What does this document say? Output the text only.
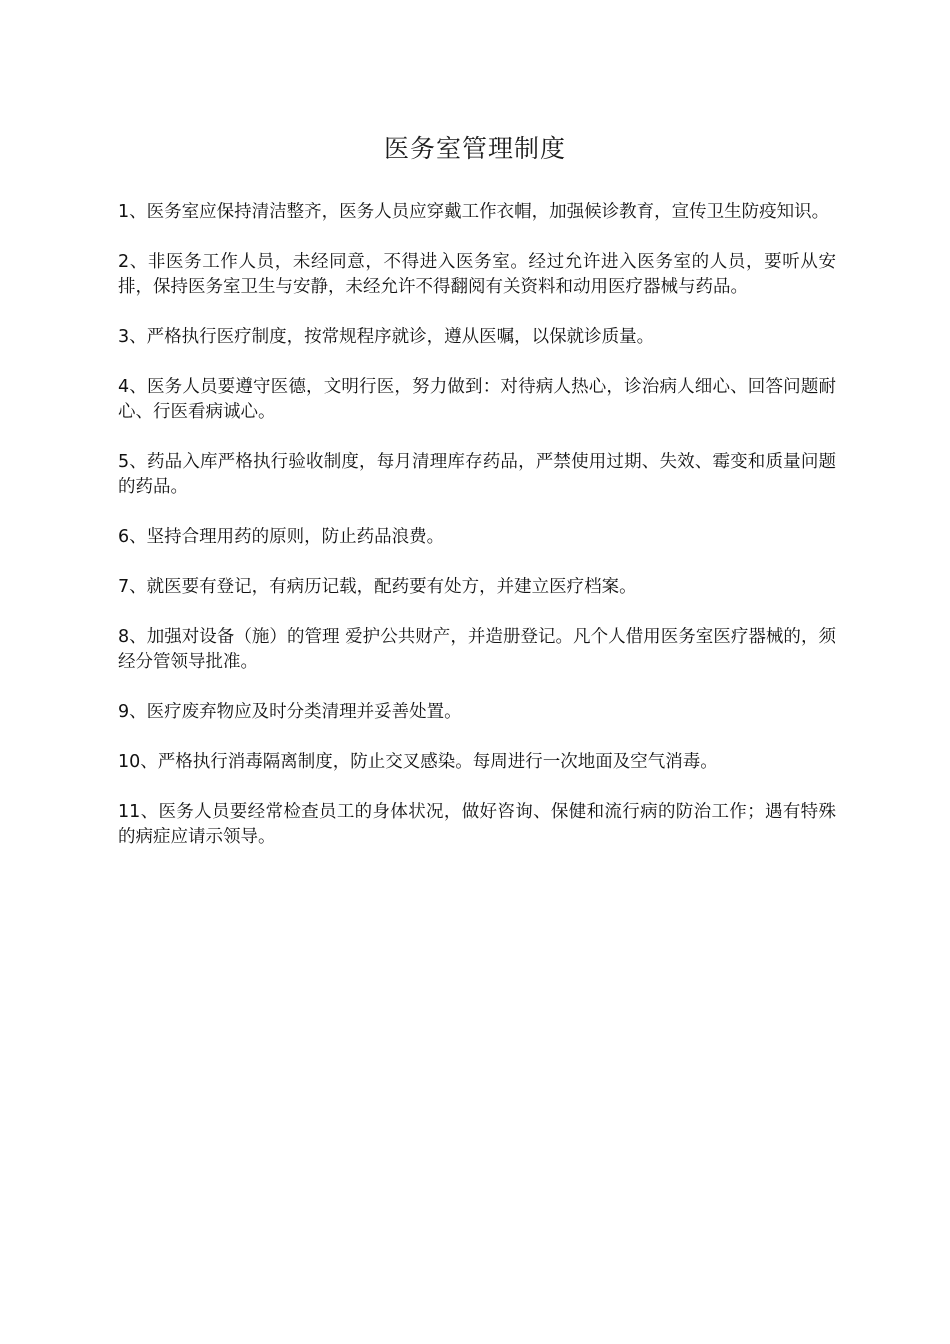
医务室管理制度

1、医务室应保持清洁整齐，医务人员应穿戴工作衣帽，加强候诊教育，宣传卫生防疫知识。

2、非医务工作人员，未经同意，不得进入医务室。经过允许进入医务室的人员，要听从安排，保持医务室卫生与安静，未经允许不得翻阅有关资料和动用医疗器械与药品。

3、严格执行医疗制度，按常规程序就诊，遵从医嘱，以保就诊质量。

4、医务人员要遵守医德，文明行医，努力做到：对待病人热心，诊治病人细心、回答问题耐心、行医看病诚心。

5、药品入库严格执行验收制度，每月清理库存药品，严禁使用过期、失效、霉变和质量问题的药品。

6、坚持合理用药的原则，防止药品浪费。

7、就医要有登记，有病历记载，配药要有处方，并建立医疗档案。

8、加强对设备（施）的管理 爱护公共财产，并造册登记。凡个人借用医务室医疗器械的，须经分管领导批准。

9、医疗废弃物应及时分类清理并妥善处置。

10、严格执行消毒隔离制度，防止交叉感染。每周进行一次地面及空气消毒。

11、医务人员要经常检查员工的身体状况，做好咨询、保健和流行病的防治工作；遇有特殊的病症应请示领导。
